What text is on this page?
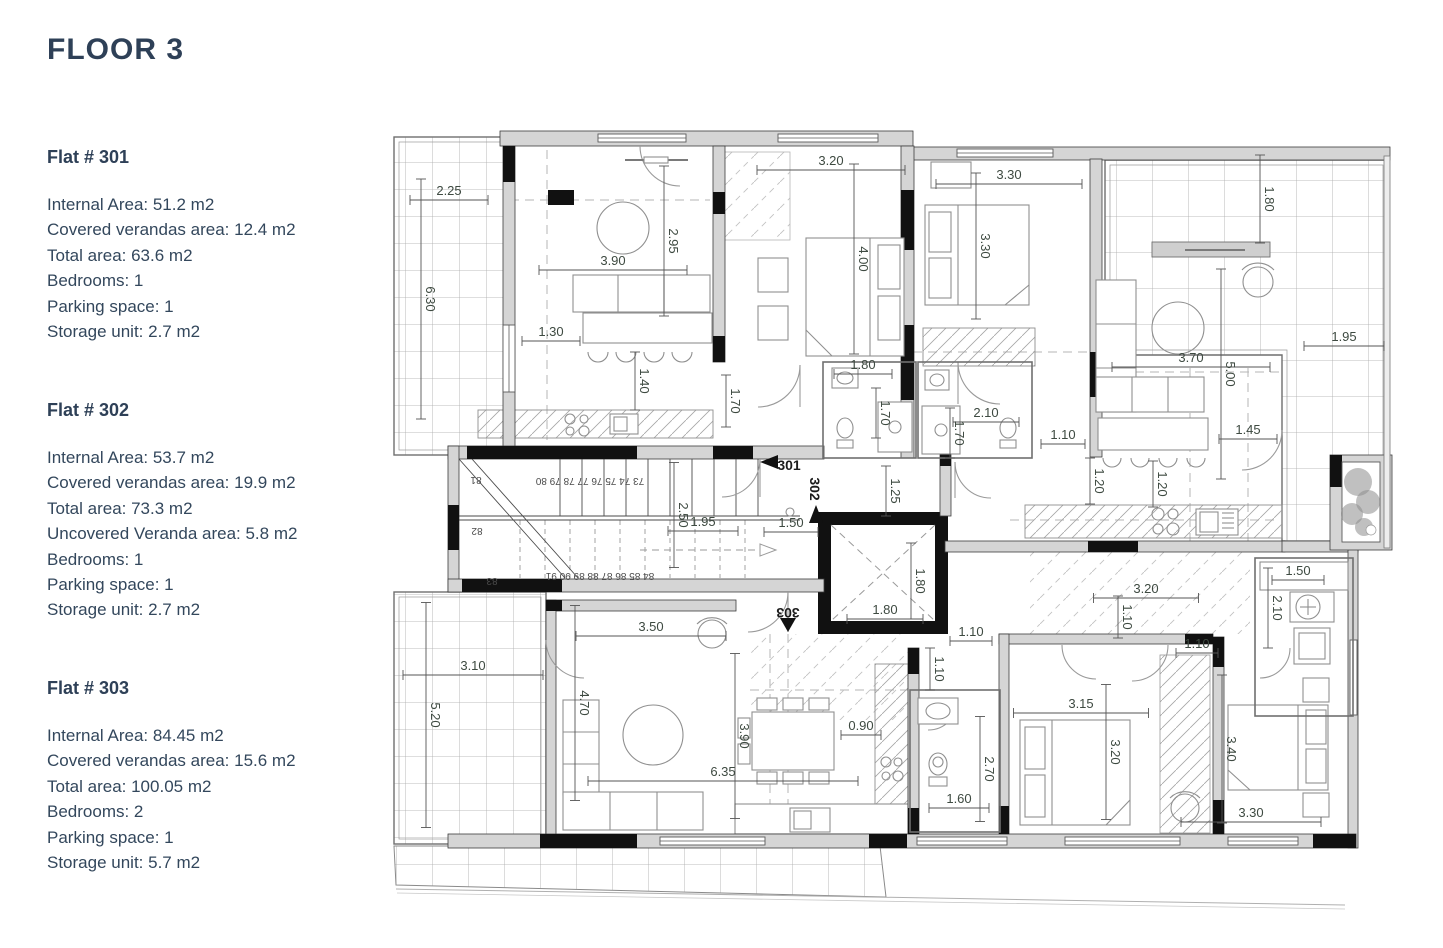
FLOOR 3
Flat # 301
Internal Area: 51.2 m2
Covered verandas area: 12.4 m2
Total area: 63.6 m2
Bedrooms: 1
Parking space: 1
Storage unit: 2.7 m2
Flat # 302
Internal Area: 53.7 m2
Covered verandas area: 19.9 m2
Total area: 73.3 m2
Uncovered Veranda area: 5.8 m2
Bedrooms: 1
Parking space: 1
Storage unit: 2.7 m2
Flat # 303
Internal Area: 84.45 m2
Covered verandas area: 15.6 m2
Total area: 100.05 m2
Bedrooms: 2
Parking space: 1
Storage unit: 5.7 m2
2.25
6.30
3.90
2.95
1.30
1.40
1.70
3.20
4.00
3.30
3.30
1.80
1.80
1.70	2.10
1.70	1.10
3.70
5.00
1.95
1.45
1.20	1.20
2.50 1.95	1.50
1.25
1.80
1.80
1.10
1.10
3.50
3.10
5.20	4.70
3.90
6.35
0.90
2.70
1.60
3.15
3.20
1.10
3.20
1.10
1.50
2.10
3.40
3.30
301
302
303
73 74 75 76 77 78 79 80
84 85 86 87 88 89 90 91
81
82
83
